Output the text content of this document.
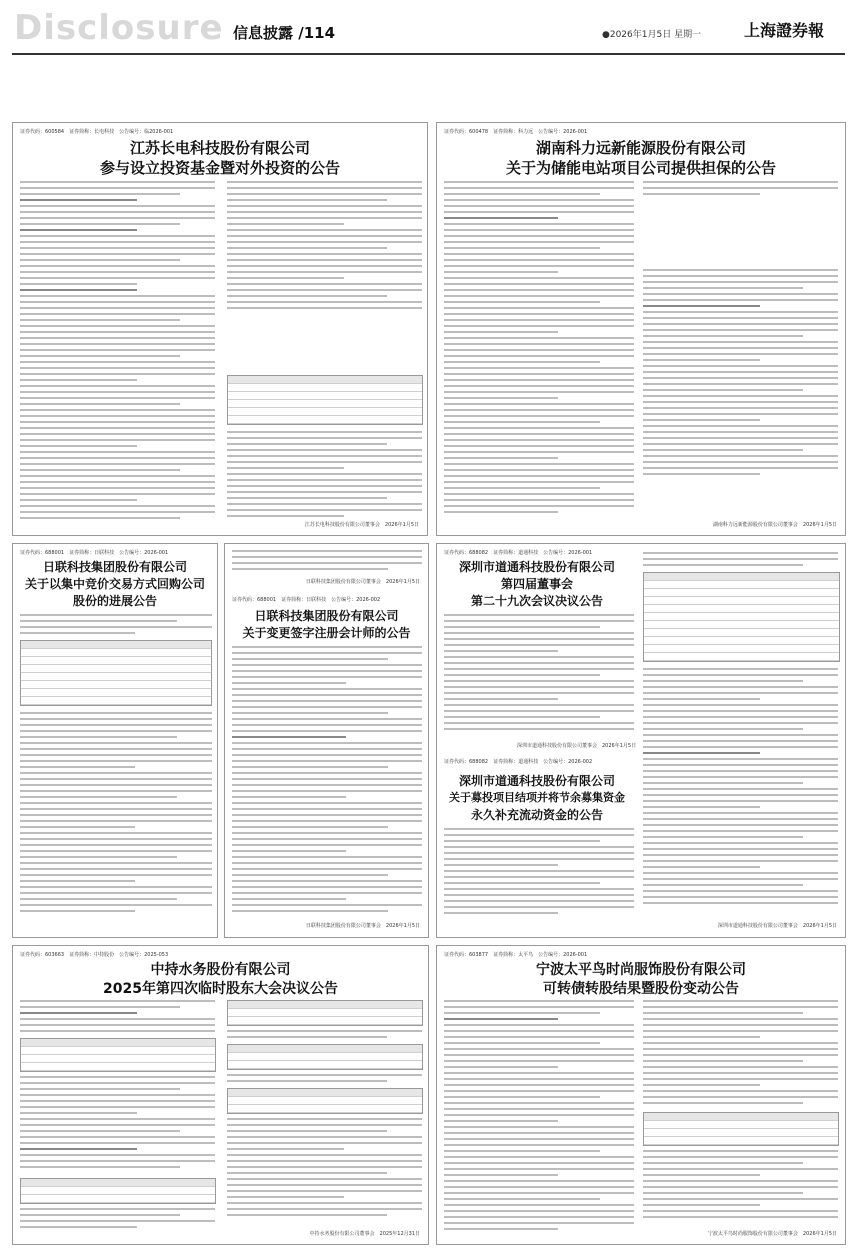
Disclosure 信息披露 /114	●2026年1月5日 星期一	上海證券報
证券代码：600584　证券简称：长电科技　公告编号：临2026-001
江苏长电科技股份有限公司
参与设立投资基金暨对外投资的公告
江苏长电科技股份有限公司董事会　2026年1月5日
证券代码：600478　证券简称：科力远　公告编号：2026-001
湖南科力远新能源股份有限公司
关于为储能电站项目公司提供担保的公告
湖南科力远新能源股份有限公司董事会　2026年1月5日
证券代码：688001　证券简称：日联科技　公告编号：2026-001
日联科技集团股份有限公司
关于以集中竞价交易方式回购公司
股份的进展公告
日联科技集团股份有限公司董事会　2026年1月5日
证券代码：688001　证券简称：日联科技　公告编号：2026-002
日联科技集团股份有限公司
关于变更签字注册会计师的公告
日联科技集团股份有限公司董事会　2026年1月5日
证券代码：688082　证券简称：道通科技　公告编号：2026-001
深圳市道通科技股份有限公司
第四届董事会
第二十九次会议决议公告
深圳市道通科技股份有限公司董事会　2026年1月5日
证券代码：688082　证券简称：道通科技　公告编号：2026-002
深圳市道通科技股份有限公司
关于募投项目结项并将节余募集资金
永久补充流动资金的公告
深圳市道通科技股份有限公司董事会　2026年1月5日
证券代码：603663　证券简称：中持股份　公告编号：2025-053
中持水务股份有限公司
2025年第四次临时股东大会决议公告
中持水务股份有限公司董事会　2025年12月31日
证券代码：603877　证券简称：太平鸟　公告编号：2026-001
宁波太平鸟时尚服饰股份有限公司
可转债转股结果暨股份变动公告
宁波太平鸟时尚服饰股份有限公司董事会　2026年1月5日
